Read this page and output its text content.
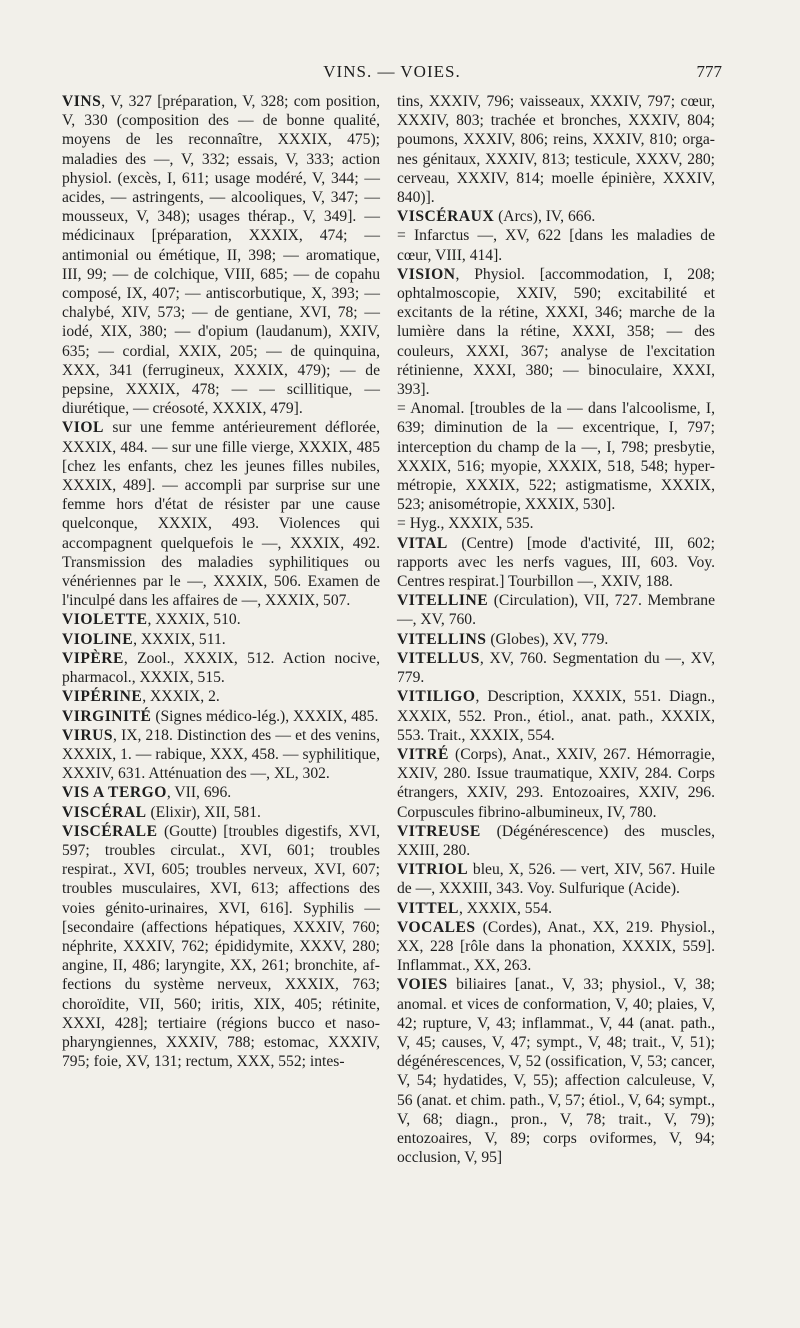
VINS. — VOIES.	777

VINS, V, 327 [préparation, V, 328; com position, V, 330 (composition des — de bonne qualité, moyens de les reconnaître, XXXIX, 475); maladies des —, V, 332; essais, V, 333; action physiol. (excès, I, 611; usage modéré, V, 344; — acides, — astringents, — alcooliques, V, 347; — mousseux, V, 348); usages thérap., V, 349]. — médicinaux [préparation, XXXIX, 474; — antimonial ou émétique, II, 398; — aromatique, III, 99; — de colchique, VIII, 685; — de copahu composé, IX, 407; — antiscorbutique, X, 393; — chalybé, XIV, 573; — de gentiane, XVI, 78; — iodé, XIX, 380; — d'opium (laudanum), XXIV, 635; — cordial, XXIX, 205; — de quinquina, XXX, 341 (ferrugineux, XXXIX, 479); — de pepsine, XXXIX, 478; — — scillitique, — diurétique, — créosoté, XXXIX, 479].

VIOL sur une femme antérieurement déflorée, XXXIX, 484. — sur une fille vierge, XXXIX, 485 [chez les enfants, chez les jeunes filles nubiles, XXXIX, 489]. — accompli par surprise sur une femme hors d'état de résister par une cause quelconque, XXXIX, 493. Violences qui accompagnent quelquefois le —, XXXIX, 492. Transmission des maladies syphilitiques ou vénériennes par le —, XXXIX, 506. Examen de l'inculpé dans les affaires de —, XXXIX, 507.

VIOLETTE, XXXIX, 510.

VIOLINE, XXXIX, 511.

VIPÈRE, Zool., XXXIX, 512. Action nocive, pharmacol., XXXIX, 515.

VIPÉRINE, XXXIX, 2.

VIRGINITÉ (Signes médico-lég.), XXXIX, 485.

VIRUS, IX, 218. Distinction des — et des venins, XXXIX, 1. — rabique, XXX, 458. — syphilitique, XXXIV, 631. Atténuation des —, XL, 302.

VIS A TERGO, VII, 696.

VISCÉRAL (Elixir), XII, 581.

VISCÉRALE (Goutte) [troubles digestifs, XVI, 597; troubles circulat., XVI, 601; troubles respirat., XVI, 605; troubles nerveux, XVI, 607; troubles musculaires, XVI, 613; affections des voies génito-urinaires, XVI, 616]. Syphilis — [secondaire (affections hépatiques, XXXIV, 760; néphrite, XXXIV, 762; épididymite, XXXV, 280; angine, II, 486; laryngite, XX, 261; bronchite, affections du système nerveux, XXXIX, 763; choroïdite, VII, 560; iritis, XIX, 405; rétinite, XXXI, 428]; tertiaire (régions bucco et naso-pharyngiennes, XXXIV, 788; estomac, XXXIV, 795; foie, XV, 131; rectum, XXX, 552; intes-

tins, XXXIV, 796; vaisseaux, XXXIV, 797; cœur, XXXIV, 803; trachée et bronches, XXXIV, 804; poumons, XXXIV, 806; reins, XXXIV, 810; organes génitaux, XXXIV, 813; testicule, XXXV, 280; cerveau, XXXIV, 814; moelle épinière, XXXIV, 840)].

VISCÉRAUX (Arcs), IV, 666.

= Infarctus —, XV, 622 [dans les maladies de cœur, VIII, 414].

VISION, Physiol. [accommodation, I, 208; ophtalmoscopie, XXIV, 590; excitabilité et excitants de la rétine, XXXI, 346; marche de la lumière dans la rétine, XXXI, 358; — des couleurs, XXXI, 367; analyse de l'excitation rétinienne, XXXI, 380; — binoculaire, XXXI, 393].

= Anomal. [troubles de la — dans l'alcoolisme, I, 639; diminution de la — excentrique, I, 797; interception du champ de la —, I, 798; presbytie, XXXIX, 516; myopie, XXXIX, 518, 548; hypermétropie, XXXIX, 522; astigmatisme, XXXIX, 523; anisométropie, XXXIX, 530].

= Hyg., XXXIX, 535.

VITAL (Centre) [mode d'activité, III, 602; rapports avec les nerfs vagues, III, 603. Voy. Centres respirat.] Tourbillon —, XXIV, 188.

VITELLINE (Circulation), VII, 727. Membrane —, XV, 760.

VITELLINS (Globes), XV, 779.

VITELLUS, XV, 760. Segmentation du —, XV, 779.

VITILIGO, Description, XXXIX, 551. Diagn., XXXIX, 552. Pron., étiol., anat. path., XXXIX, 553. Trait., XXXIX, 554.

VITRÉ (Corps), Anat., XXIV, 267. Hémorragie, XXIV, 280. Issue traumatique, XXIV, 284. Corps étrangers, XXIV, 293. Entozoaires, XXIV, 296. Corpuscules fibrino-albumineux, IV, 780.

VITREUSE (Dégénérescence) des muscles, XXIII, 280.

VITRIOL bleu, X, 526. — vert, XIV, 567. Huile de —, XXXIII, 343. Voy. Sulfurique (Acide).

VITTEL, XXXIX, 554.

VOCALES (Cordes), Anat., XX, 219. Physiol., XX, 228 [rôle dans la phonation, XXXIX, 559]. Inflammat., XX, 263.

VOIES biliaires [anat., V, 33; physiol., V, 38; anomal. et vices de conformation, V, 40; plaies, V, 42; rupture, V, 43; inflammat., V, 44 (anat. path., V, 45; causes, V, 47; sympt., V, 48; trait., V, 51); dégénérescences, V, 52 (ossification, V, 53; cancer, V, 54; hydatides, V, 55); affection calculeuse, V, 56 (anat. et chim. path., V, 57; étiol., V, 64; sympt., V, 68; diagn., pron., V, 78; trait., V, 79); entozoaires, V, 89; corps oviformes, V, 94; occlusion, V, 95]
